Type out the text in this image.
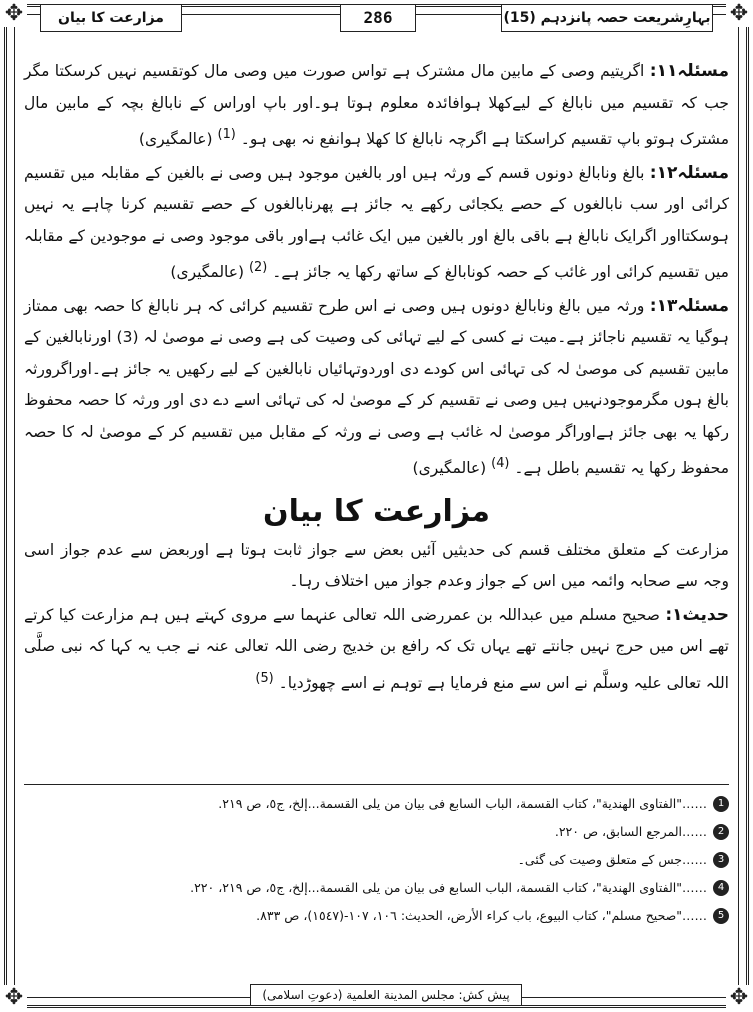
✥	✥
✥	✥
بہارِشریعت حصہ پانزدہم (15)
286
مزارعت کا بیان

مسئلہ۱۱: اگریتیم وصی کے مابین مال مشترک ہے تواس صورت میں وصی مال کوتقسیم نہیں کرسکتا مگر جب کہ تقسیم میں نابالغ کے لیےکھلا ہوافائدہ معلوم ہوتا ہو۔اور باپ اوراس کے نابالغ بچہ کے مابین مال مشترک ہوتو باپ تقسیم کراسکتا ہے اگرچہ نابالغ کا کھلا ہوانفع نہ بھی ہو۔ $^{(1)}$ (عالمگیری)

مسئلہ۱۲: بالغ ونابالغ دونوں قسم کے ورثہ ہیں اور بالغین موجود ہیں وصی نے بالغین کے مقابلہ میں تقسیم کرائی اور سب نابالغوں کے حصے یکجائی رکھے یہ جائز ہے پھرنابالغوں کے حصے تقسیم کرنا چاہے یہ نہیں ہوسکتااور اگرایک نابالغ ہے باقی بالغ اور بالغین میں ایک غائب ہےاور باقی موجود وصی نے موجودین کے مقابلہ میں تقسیم کرائی اور غائب کے حصہ کونابالغ کے ساتھ رکھا یہ جائز ہے۔ $^{(2)}$ (عالمگیری)

مسئلہ۱۳: ورثہ میں بالغ ونابالغ دونوں ہیں وصی نے اس طرح تقسیم کرائی کہ ہر نابالغ کا حصہ بھی ممتاز ہوگیا یہ تقسیم ناجائز ہے۔میت نے کسی کے لیے تہائی کی وصیت کی ہے وصی نے موصیٰ لہ (3) اورنابالغین کے مابین تقسیم کی موصیٰ لہ کی تہائی اس کودے دی اوردوتہائیاں نابالغین کے لیے رکھیں یہ جائز ہے۔اوراگرورثہ بالغ ہوں مگرموجودنہیں ہیں وصی نے تقسیم کر کے موصیٰ لہ کی تہائی اسے دے دی اور ورثہ کا حصہ محفوظ رکھا یہ بھی جائز ہےاوراگر موصیٰ لہ غائب ہے وصی نے ورثہ کے مقابل میں تقسیم کر کے موصیٰ لہ کا حصہ محفوظ رکھا یہ تقسیم باطل ہے۔ $^{(4)}$ (عالمگیری)

مزارعت کا بیان

مزارعت کے متعلق مختلف قسم کی حدیثیں آئیں بعض سے جواز ثابت ہوتا ہے اوربعض سے عدم جواز اسی وجہ سے صحابہ وائمہ میں اس کے جواز وعدم جواز میں اختلاف رہا۔

حدیث۱: صحیح مسلم میں عبداللہ بن عمررضی اللہ تعالی عنہما سے مروی کہتے ہیں ہم مزارعت کیا کرتے تھے اس میں حرج نہیں جانتے تھے یہاں تک کہ رافع بن خدیج رضی اللہ تعالی عنہ نے جب یہ کہا کہ نبی صلَّی اللہ تعالی علیہ وسلَّم نے اس سے منع فرمایا ہے توہم نے اسے چھوڑدیا۔ $^{(5)}$

1
……"الفتاوى الهندية"، كتاب القسمة، الباب السابع فى بيان من يلى القسمة...إلخ، ج٥، ص ٢١٩.
2
……المرجع السابق، ص ٢٢٠.
3
……جس کے متعلق وصیت کی گئی۔
4
……"الفتاوى الهندية"، كتاب القسمة، الباب السابع فى بيان من يلى القسمة...إلخ، ج٥، ص ٢١٩، ٢٢٠.
5
……"صحيح مسلم"، كتاب البيوع، باب كراء الأرض، الحديث: ١٠٦، ١٠٧-(١٥٤٧)، ص ٨٣٣.
پیش کش: مجلس المدینة العلمیة (دعوتِ اسلامی)
